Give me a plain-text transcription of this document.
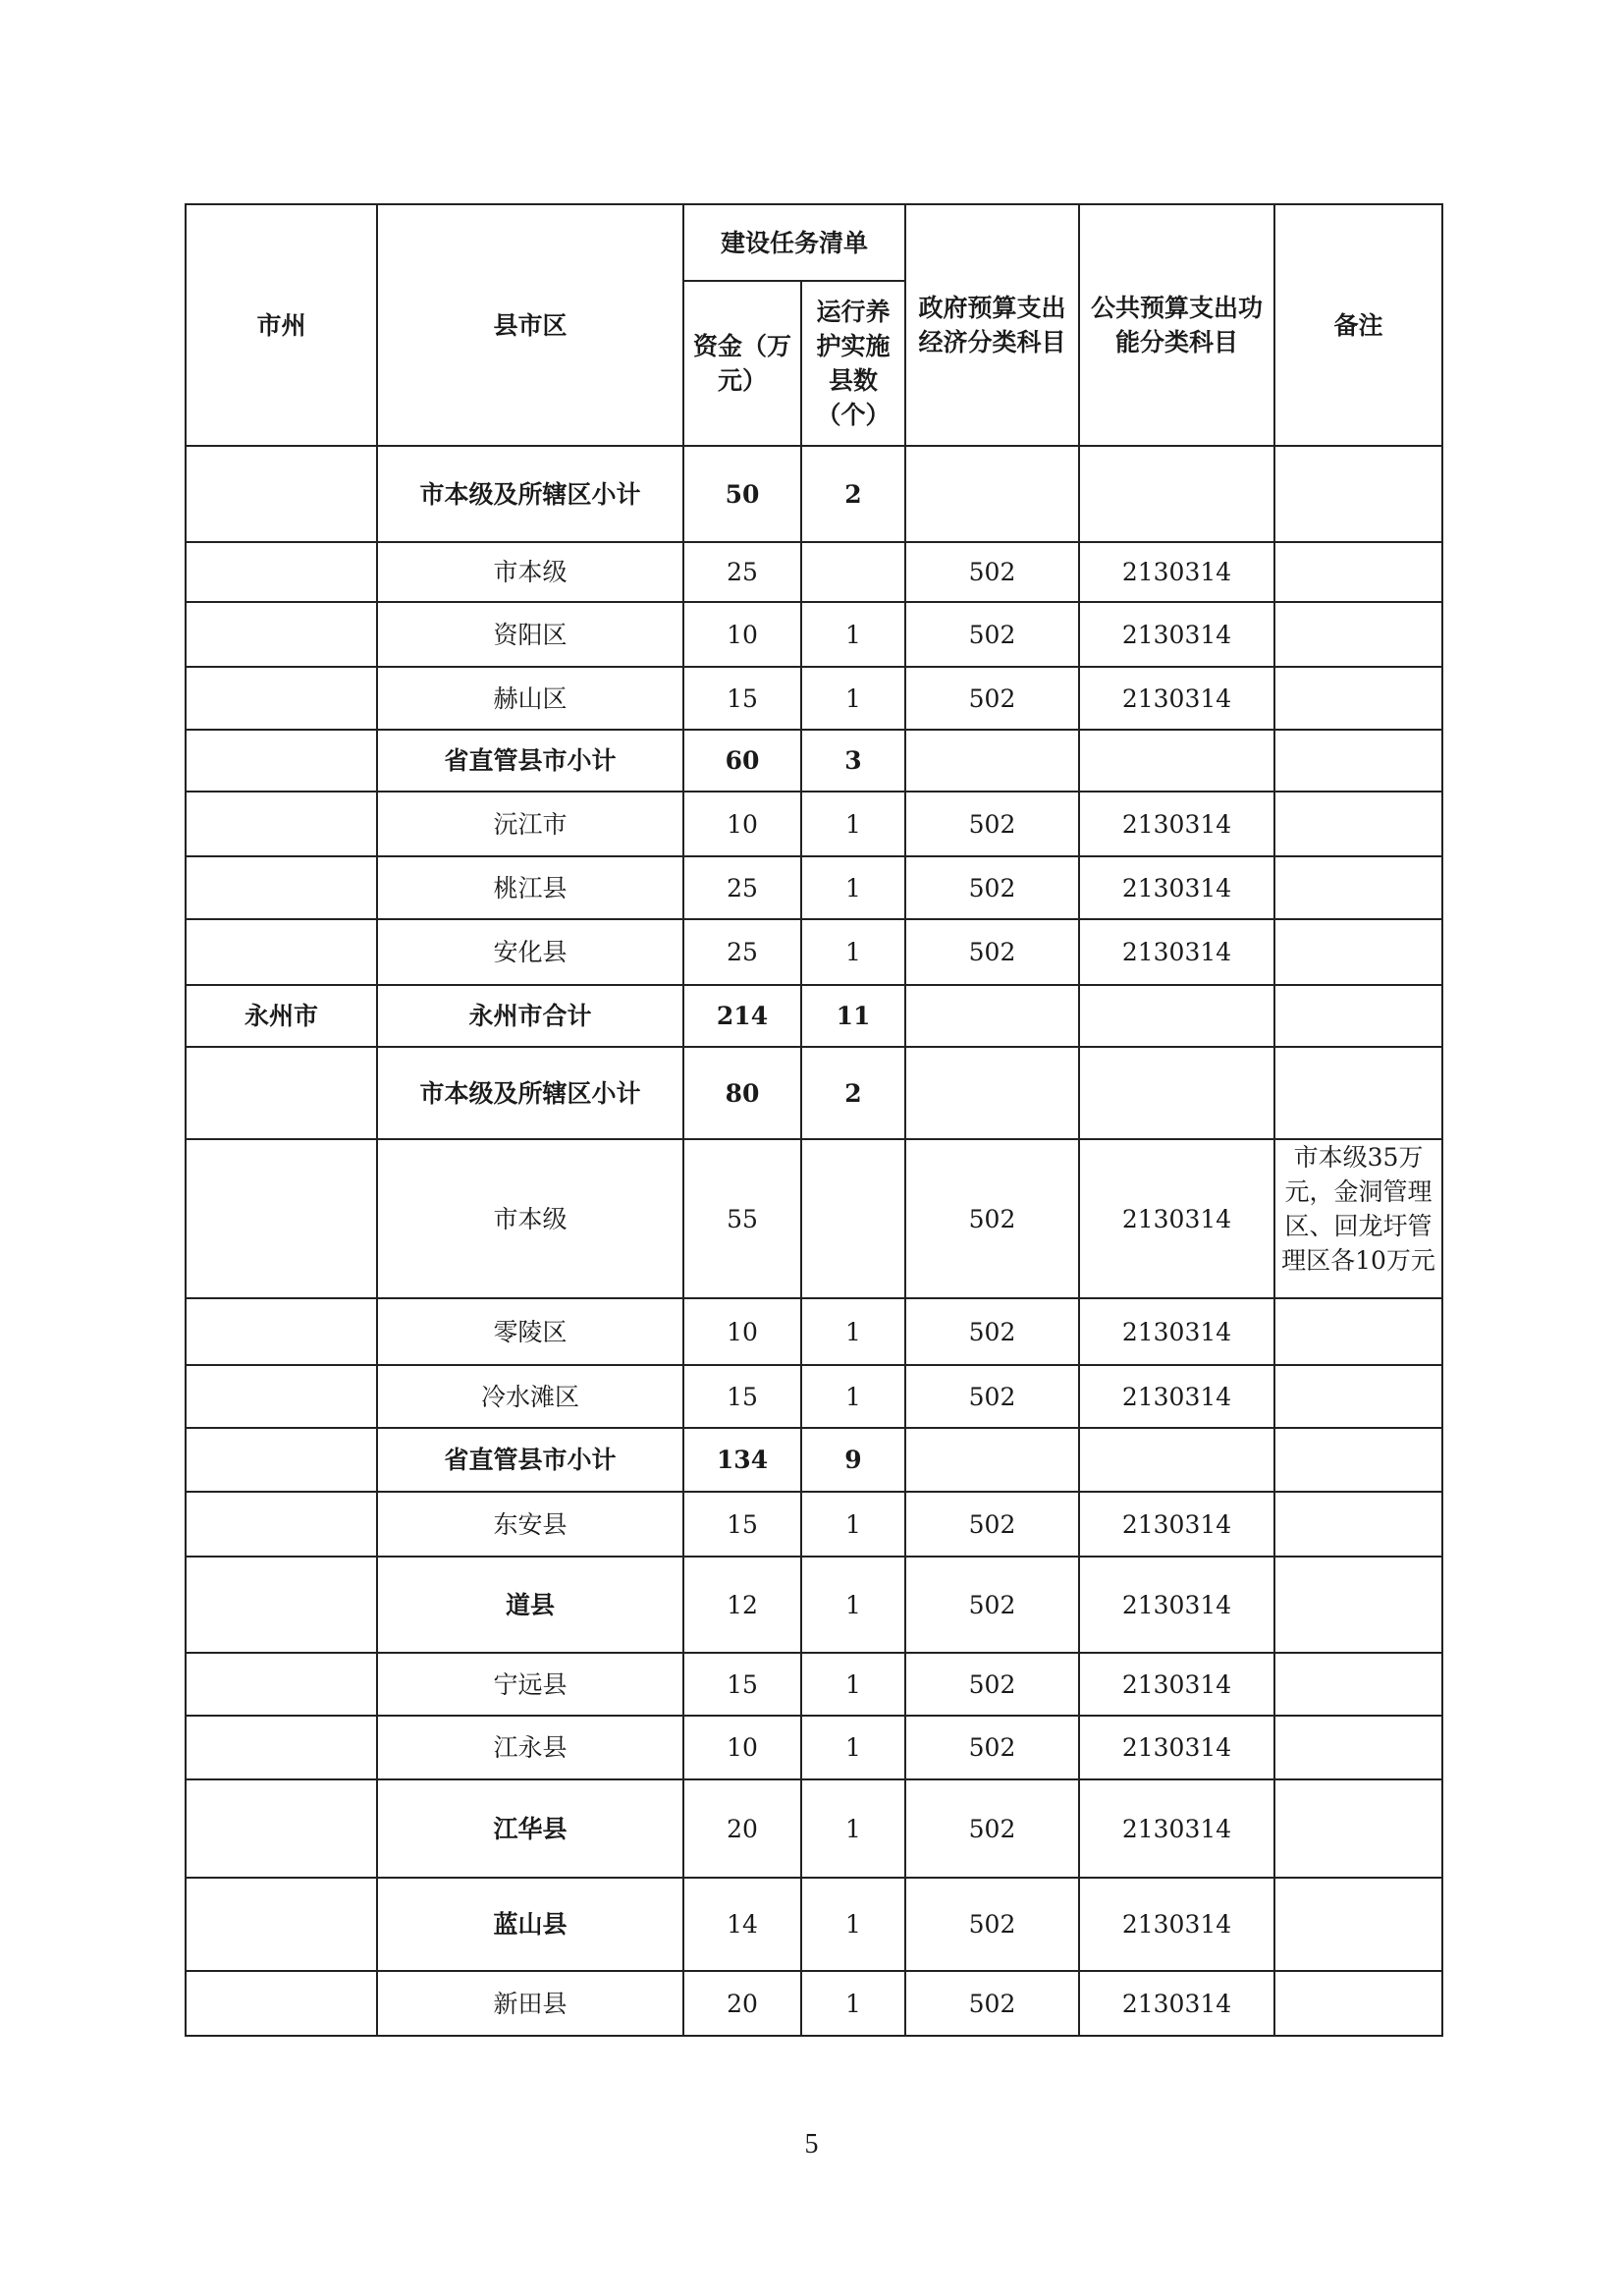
市州	县市区	建设任务清单		政府预算支出经济分类科目	公共预算支出功能分类科目	备注
		资金（万元）	运行养护实施县数（个）			
	市本级及所辖区小计	50	2			
	市本级	25		502	2130314	
	资阳区	10	1	502	2130314	
	赫山区	15	1	502	2130314	
	省直管县市小计	60	3			
	沅江市	10	1	502	2130314	
	桃江县	25	1	502	2130314	
	安化县	25	1	502	2130314	
永州市	永州市合计	214	11			
	市本级及所辖区小计	80	2			
	市本级	55		502	2130314	市本级35万元，金洞管理区、回龙圩管理区各10万元

	零陵区	10	1	502	2130314	
	冷水滩区	15	1	502	2130314	
	省直管县市小计	134	9			
	东安县	15	1	502	2130314	
	道县	12	1	502	2130314	
	宁远县	15	1	502	2130314	
	江永县	10	1	502	2130314	
	江华县	20	1	502	2130314	
	蓝山县	14	1	502	2130314	
	新田县	20	1	502	2130314	
5
